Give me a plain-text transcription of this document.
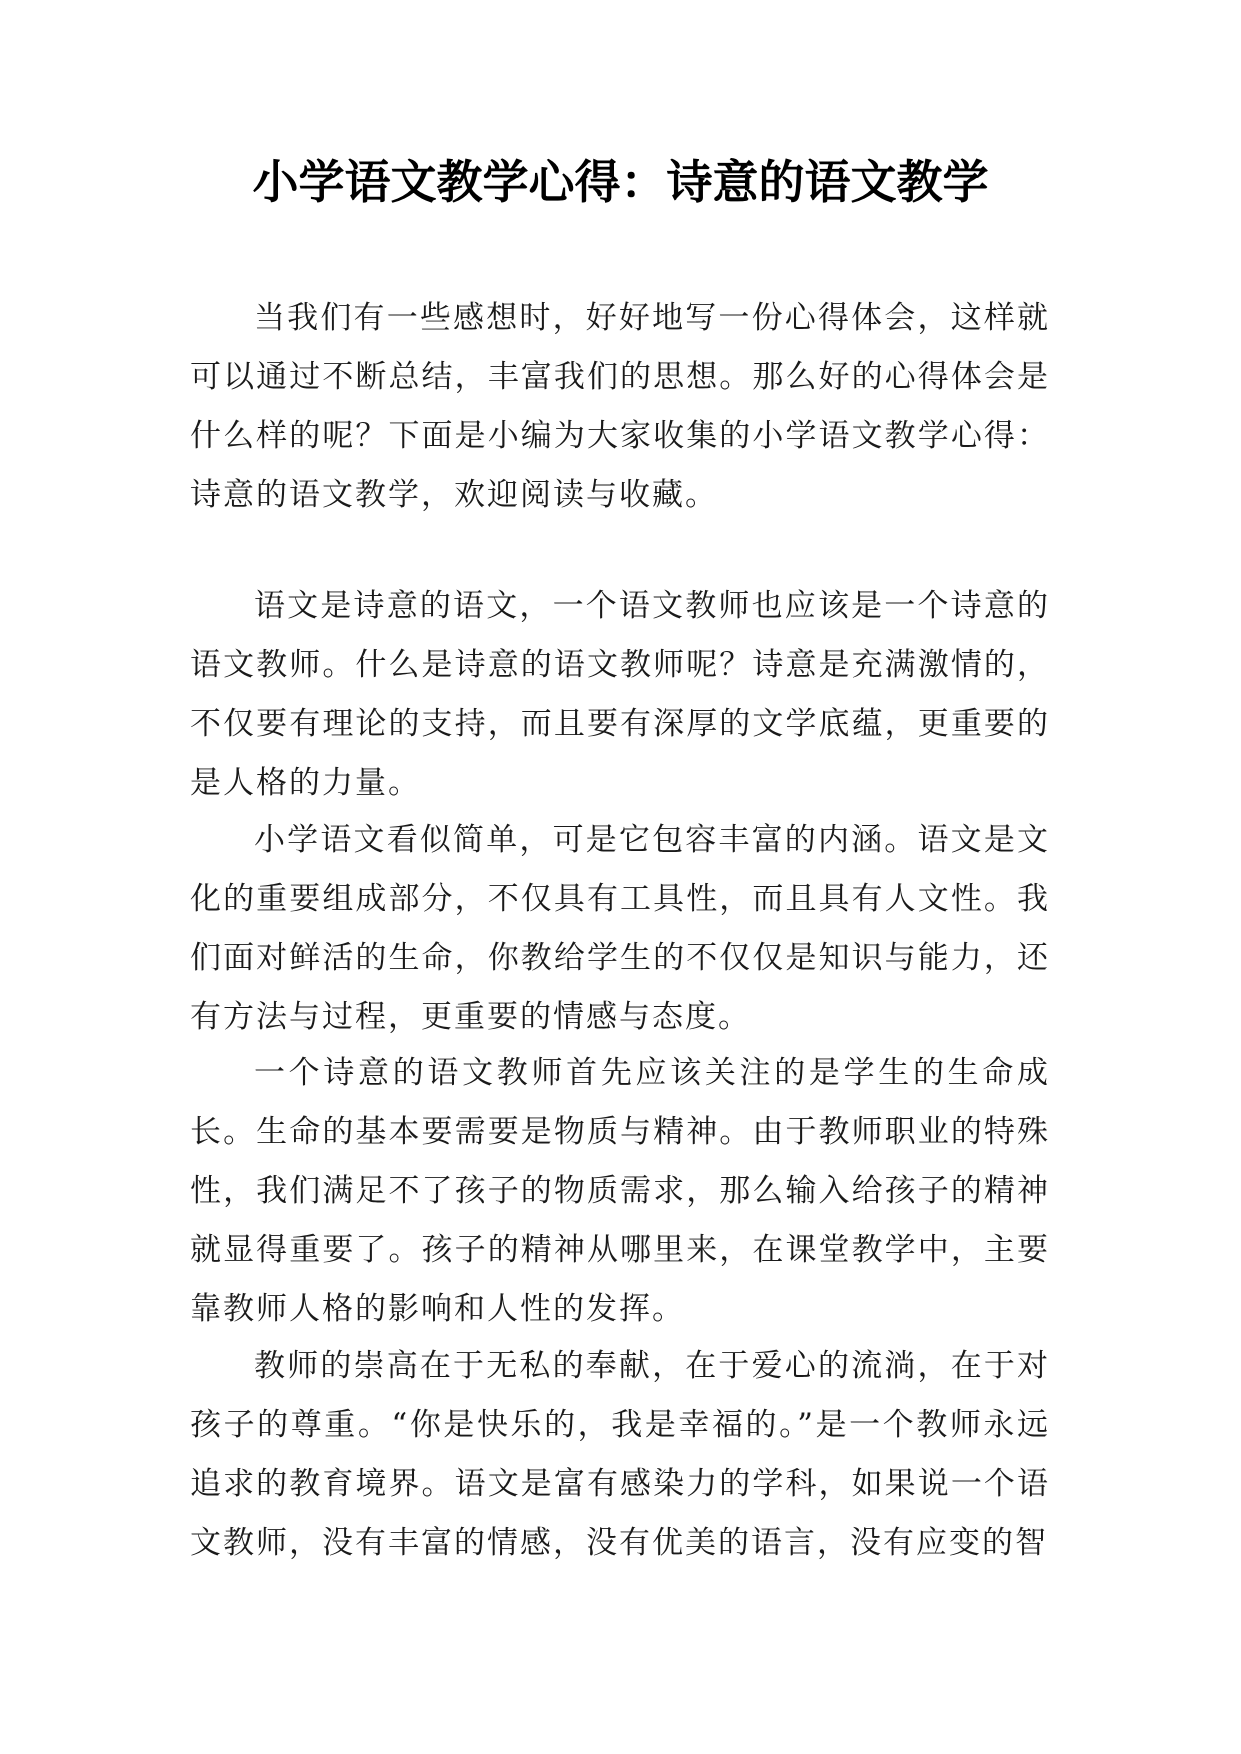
小学语文教学心得：诗意的语文教学

当我们有一些感想时，好好地写一份心得体会，这样就可以通过不断总结，丰富我们的思想。那么好的心得体会是什么样的呢？下面是小编为大家收集的小学语文教学心得：诗意的语文教学，欢迎阅读与收藏。

语文是诗意的语文，一个语文教师也应该是一个诗意的语文教师。什么是诗意的语文教师呢？诗意是充满激情的，不仅要有理论的支持，而且要有深厚的文学底蕴，更重要的是人格的力量。

小学语文看似简单，可是它包容丰富的内涵。语文是文化的重要组成部分，不仅具有工具性，而且具有人文性。我们面对鲜活的生命，你教给学生的不仅仅是知识与能力，还有方法与过程，更重要的情感与态度。

一个诗意的语文教师首先应该关注的是学生的生命成长。生命的基本要需要是物质与精神。由于教师职业的特殊性，我们满足不了孩子的物质需求，那么输入给孩子的精神就显得重要了。孩子的精神从哪里来，在课堂教学中，主要靠教师人格的影响和人性的发挥。

教师的崇高在于无私的奉献，在于爱心的流淌，在于对孩子的尊重。“你是快乐的，我是幸福的。”是一个教师永远追求的教育境界。语文是富有感染力的学科，如果说一个语文教师，没有丰富的情感，没有优美的语言，没有应变的智
